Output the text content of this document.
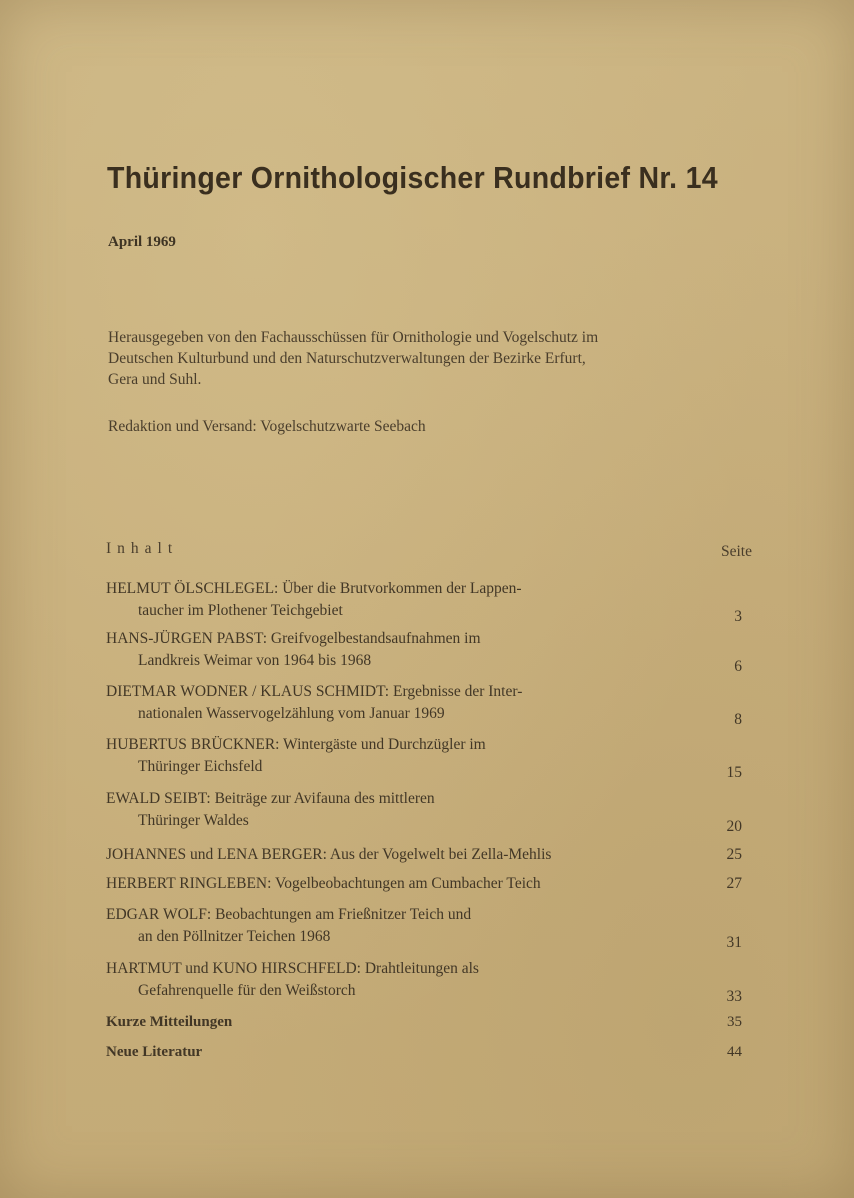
Thüringer Ornithologischer Rundbrief Nr. 14
April 1969
Herausgegeben von den Fachausschüssen für Ornithologie und Vogelschutz im
Deutschen Kulturbund und den Naturschutzverwaltungen der Bezirke Erfurt,
Gera und Suhl.
Redaktion und Versand: Vogelschutzwarte Seebach
Inhalt	Seite
HELMUT ÖLSCHLEGEL: Über die Brutvorkommen der Lappen-
taucher im Plothener Teichgebiet	3
HANS-JÜRGEN PABST: Greifvogelbestandsaufnahmen im
Landkreis Weimar von 1964 bis 1968	6
DIETMAR WODNER / KLAUS SCHMIDT: Ergebnisse der Inter-
nationalen Wasservogelzählung vom Januar 1969	8
HUBERTUS BRÜCKNER: Wintergäste und Durchzügler im
Thüringer Eichsfeld	15
EWALD SEIBT: Beiträge zur Avifauna des mittleren
Thüringer Waldes	20
JOHANNES und LENA BERGER: Aus der Vogelwelt bei Zella-Mehlis	25
HERBERT RINGLEBEN: Vogelbeobachtungen am Cumbacher Teich	27
EDGAR WOLF: Beobachtungen am Frießnitzer Teich und
an den Pöllnitzer Teichen 1968	31
HARTMUT und KUNO HIRSCHFELD: Drahtleitungen als
Gefahrenquelle für den Weißstorch	33
Kurze Mitteilungen	35
Neue Literatur	44
